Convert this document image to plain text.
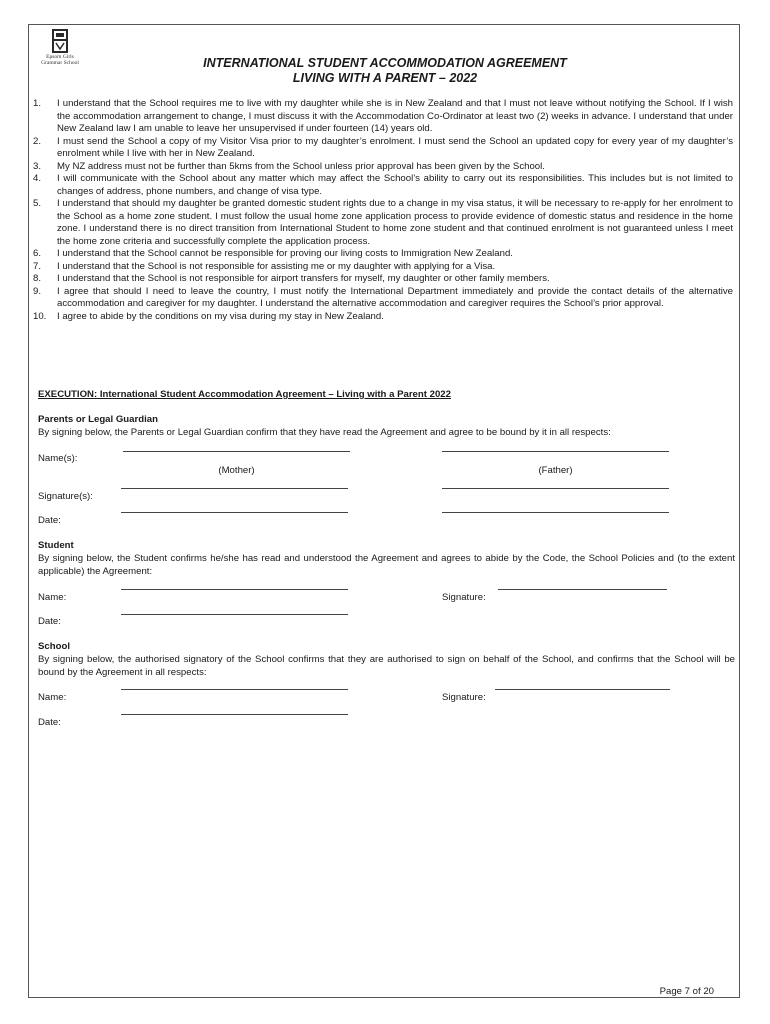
Epsom Girls
Grammar School	INTERNATIONAL STUDENT ACCOMMODATION AGREEMENT
LIVING WITH A PARENT – 2022
1. I understand that the School requires me to live with my daughter while she is in New Zealand and that I must not leave without notifying the School. If I wish the accommodation arrangement to change, I must discuss it with the Accommodation Co-Ordinator at least two (2) weeks in advance. I understand that under New Zealand law I am unable to leave her unsupervised if under fourteen (14) years old.
2. I must send the School a copy of my Visitor Visa prior to my daughter’s enrolment. I must send the School an updated copy for every year of my daughter’s enrolment while I live with her in New Zealand.
3. My NZ address must not be further than 5kms from the School unless prior approval has been given by the School.
4. I will communicate with the School about any matter which may affect the School’s ability to carry out its responsibilities. This includes but is not limited to changes of address, phone numbers, and change of visa type.
5. I understand that should my daughter be granted domestic student rights due to a change in my visa status, it will be necessary to re-apply for her enrolment to the School as a home zone student. I must follow the usual home zone application process to provide evidence of domestic status and residence in the home zone. I understand there is no direct transition from International Student to home zone student and that continued enrolment is not guaranteed unless I meet the home zone criteria and successfully complete the application process.
6. I understand that the School cannot be responsible for proving our living costs to Immigration New Zealand.
7. I understand that the School is not responsible for assisting me or my daughter with applying for a Visa.
8. I understand that the School is not responsible for airport transfers for myself, my daughter or other family members.
9. I agree that should I need to leave the country, I must notify the International Department immediately and provide the contact details of the alternative accommodation and caregiver for my daughter. I understand the alternative accommodation and caregiver requires the School’s prior approval.
10. I agree to abide by the conditions on my visa during my stay in New Zealand.
EXECUTION: International Student Accommodation Agreement – Living with a Parent 2022
Parents or Legal Guardian
By signing below, the Parents or Legal Guardian confirm that they have read the Agreement and agree to be bound by it in all respects:
Name(s):
(Mother)	(Father)
Signature(s):
Date:
Student
By signing below, the Student confirms he/she has read and understood the Agreement and agrees to abide by the Code, the School Policies and (to the extent applicable) the Agreement:
Name:	Signature:
Date:
School
By signing below, the authorised signatory of the School confirms that they are authorised to sign on behalf of the School, and confirms that the School will be bound by the Agreement in all respects:
Name:	Signature:
Date:
Page 7 of 20
